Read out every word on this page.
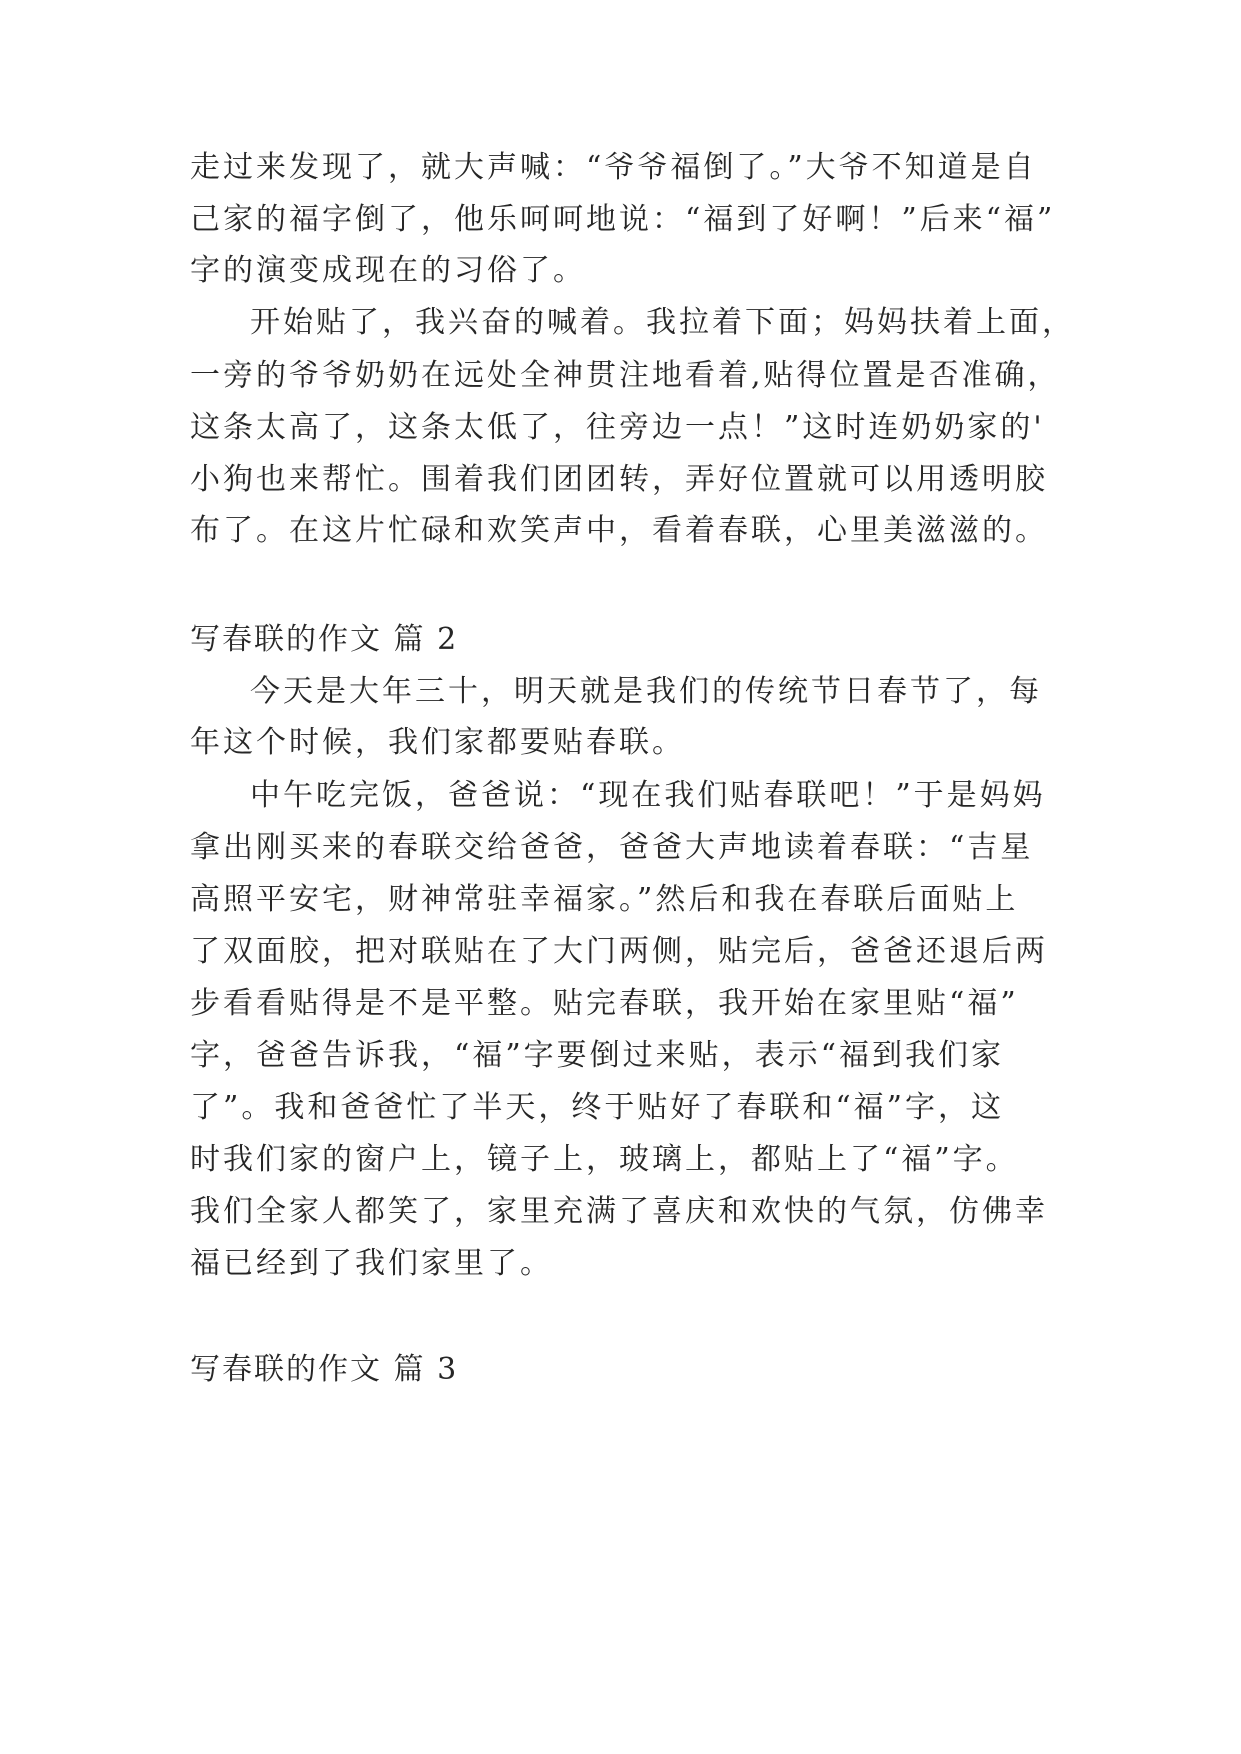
走过来发现了，就大声喊：“爷爷福倒了。”大爷不知道是自
己家的福字倒了，他乐呵呵地说：“福到了好啊！”后来“福”
字的演变成现在的习俗了。
开始贴了，我兴奋的喊着。我拉着下面；妈妈扶着上面，
一旁的爷爷奶奶在远处全神贯注地看着,贴得位置是否准确，
这条太高了，这条太低了，往旁边一点！”这时连奶奶家的'
小狗也来帮忙。围着我们团团转，弄好位置就可以用透明胶
布了。在这片忙碌和欢笑声中，看着春联，心里美滋滋的。
写春联的作文 篇 2
今天是大年三十，明天就是我们的传统节日春节了，每
年这个时候，我们家都要贴春联。
中午吃完饭，爸爸说：“现在我们贴春联吧！”于是妈妈
拿出刚买来的春联交给爸爸，爸爸大声地读着春联：“吉星
高照平安宅，财神常驻幸福家。”然后和我在春联后面贴上
了双面胶，把对联贴在了大门两侧，贴完后，爸爸还退后两
步看看贴得是不是平整。贴完春联，我开始在家里贴“福”
字，爸爸告诉我，“福”字要倒过来贴，表示“福到我们家
了”。我和爸爸忙了半天，终于贴好了春联和“福”字，这
时我们家的窗户上，镜子上，玻璃上，都贴上了“福”字。
我们全家人都笑了，家里充满了喜庆和欢快的气氛，仿佛幸
福已经到了我们家里了。
写春联的作文 篇 3
